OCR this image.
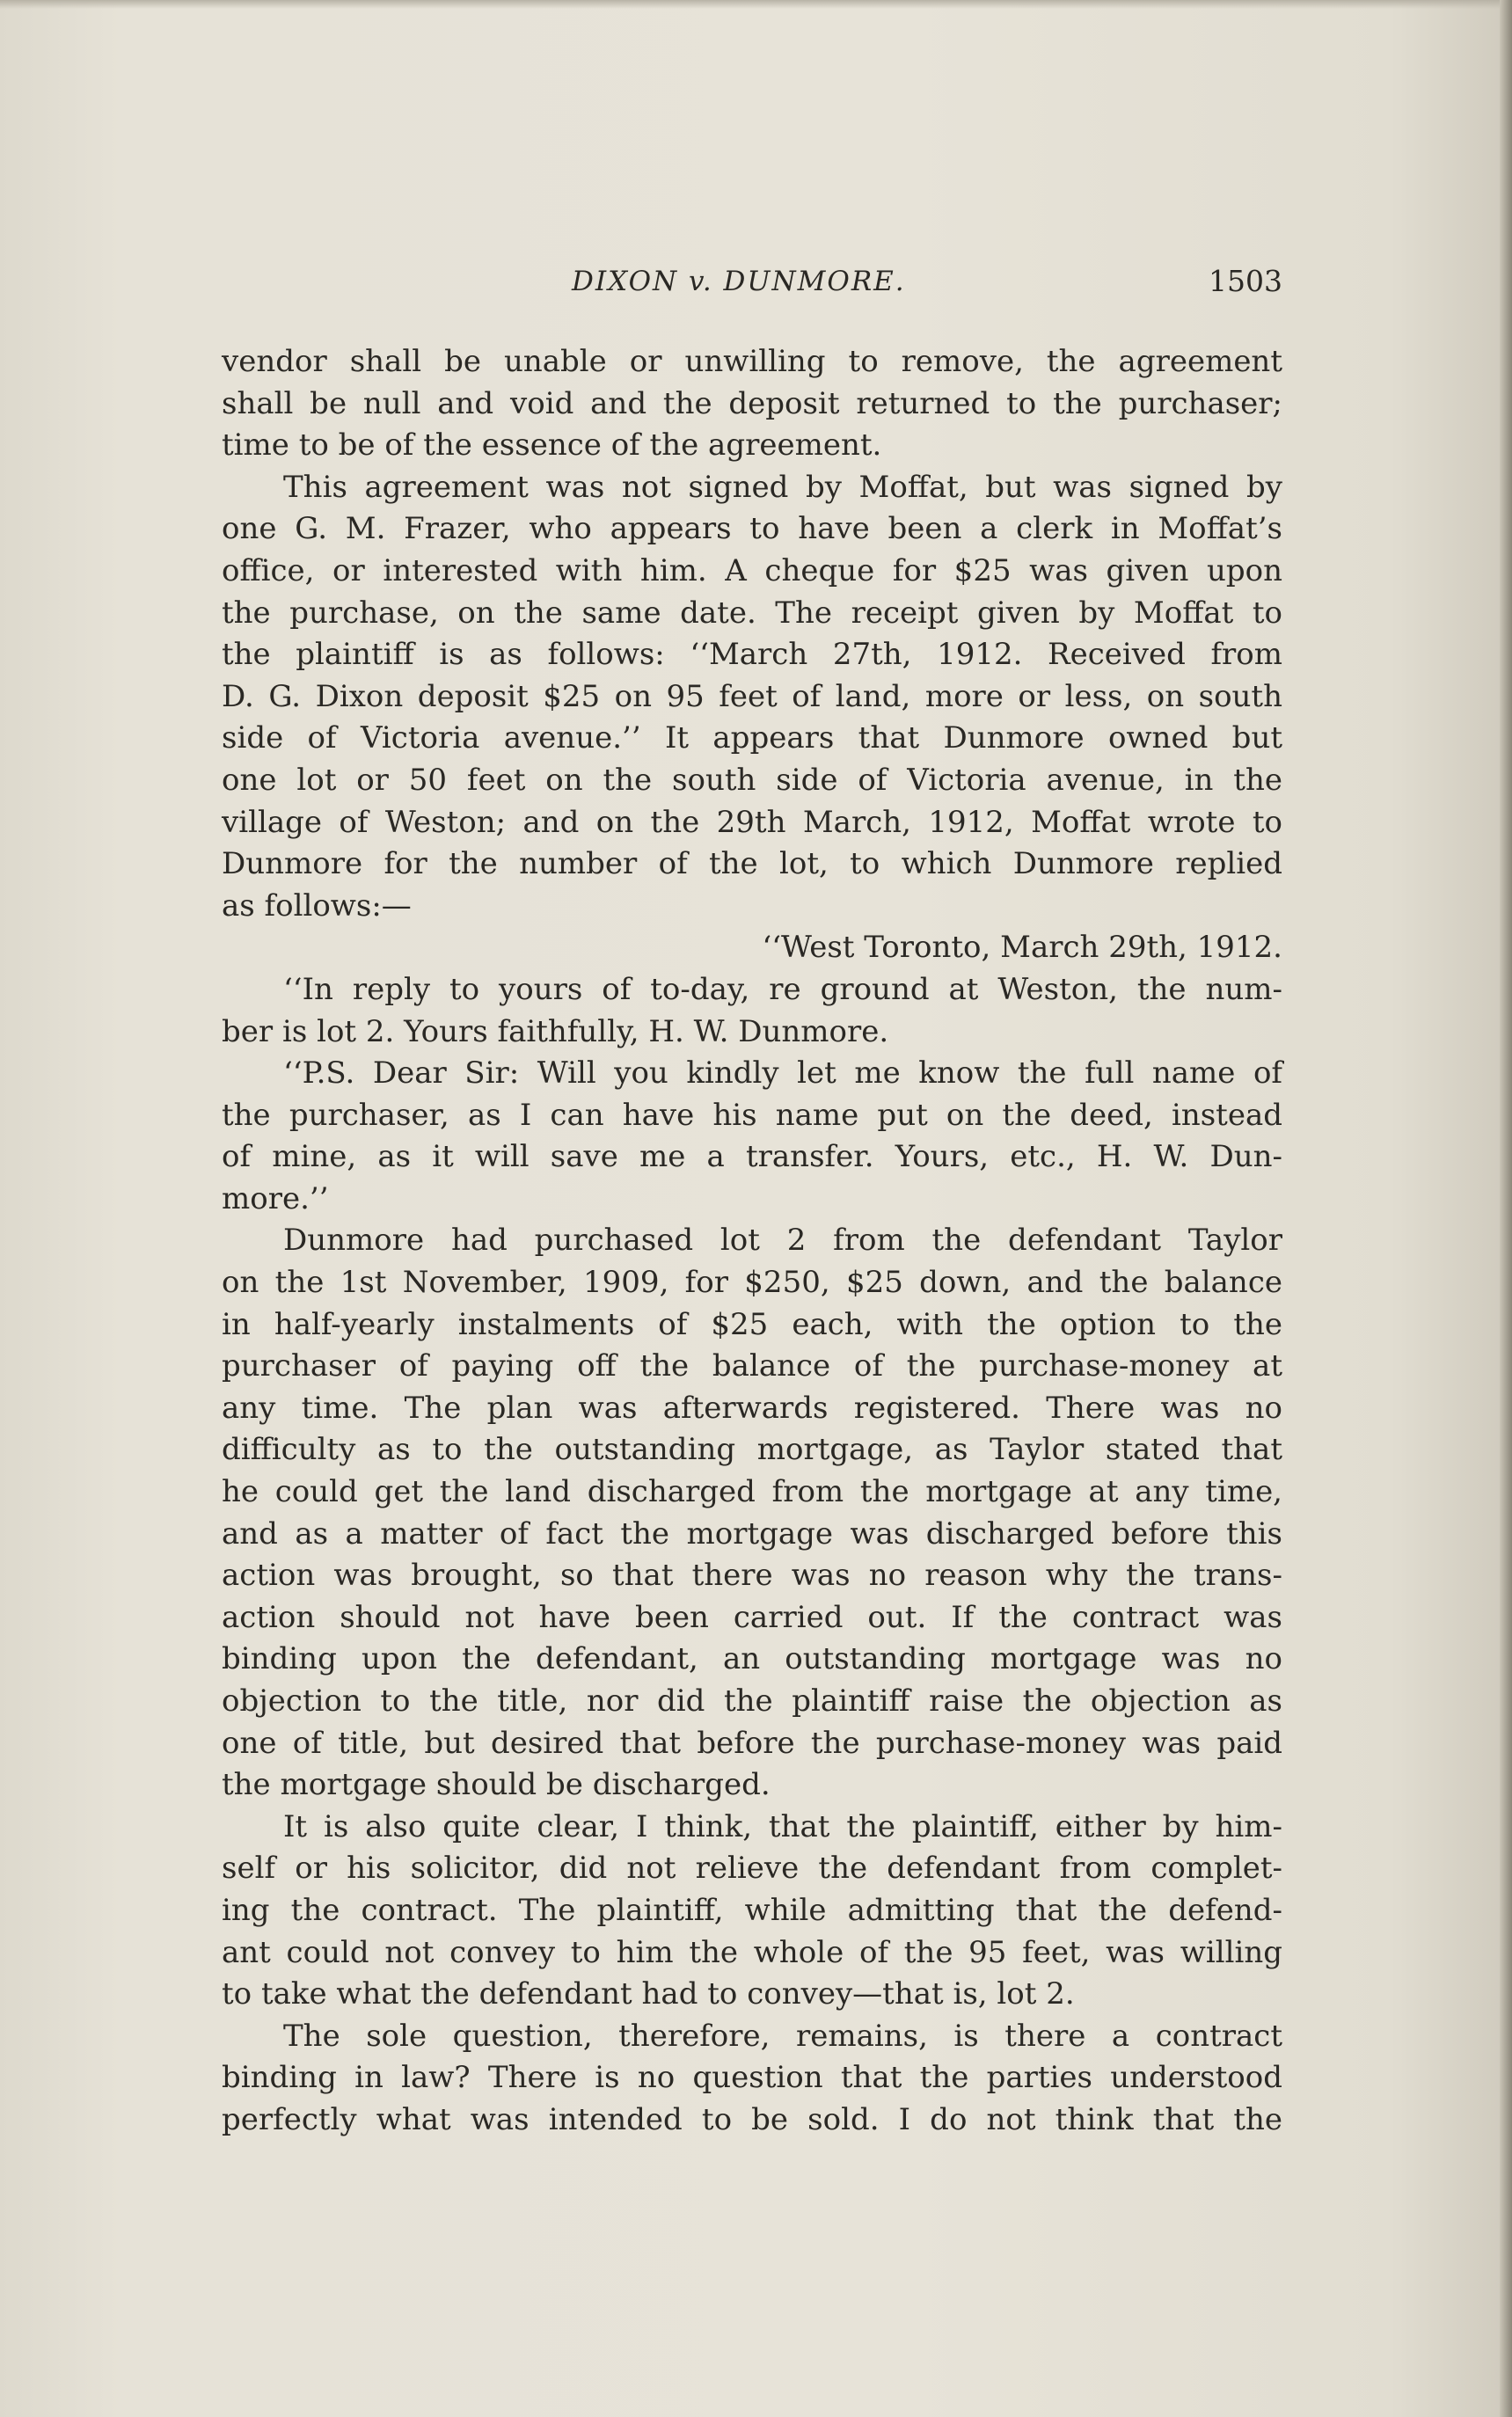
DIXON v. DUNMORE.	1503
vendor shall be unable or unwilling to remove, the agreement
shall be null and void and the deposit returned to the purchaser;
time to be of the essence of the agreement.
This agreement was not signed by Moffat, but was signed by
one G. M. Frazer, who appears to have been a clerk in Moffat’s
office, or interested with him. A cheque for $25 was given upon
the purchase, on the same date. The receipt given by Moffat to
the plaintiff is as follows: ‘‘March 27th, 1912. Received from
D. G. Dixon deposit $25 on 95 feet of land, more or less, on south
side of Victoria avenue.’’ It appears that Dunmore owned but
one lot or 50 feet on the south side of Victoria avenue, in the
village of Weston; and on the 29th March, 1912, Moffat wrote to
Dunmore for the number of the lot, to which Dunmore replied
as follows:—
‘‘West Toronto, March 29th, 1912.
‘‘In reply to yours of to-day, re ground at Weston, the num-
ber is lot 2. Yours faithfully, H. W. Dunmore.
‘‘P.S. Dear Sir: Will you kindly let me know the full name of
the purchaser, as I can have his name put on the deed, instead
of mine, as it will save me a transfer. Yours, etc., H. W. Dun-
more.’’
Dunmore had purchased lot 2 from the defendant Taylor
on the 1st November, 1909, for $250, $25 down, and the balance
in half-yearly instalments of $25 each, with the option to the
purchaser of paying off the balance of the purchase-money at
any time. The plan was afterwards registered. There was no
difficulty as to the outstanding mortgage, as Taylor stated that
he could get the land discharged from the mortgage at any time,
and as a matter of fact the mortgage was discharged before this
action was brought, so that there was no reason why the trans-
action should not have been carried out. If the contract was
binding upon the defendant, an outstanding mortgage was no
objection to the title, nor did the plaintiff raise the objection as
one of title, but desired that before the purchase-money was paid
the mortgage should be discharged.
It is also quite clear, I think, that the plaintiff, either by him-
self or his solicitor, did not relieve the defendant from complet-
ing the contract. The plaintiff, while admitting that the defend-
ant could not convey to him the whole of the 95 feet, was willing
to take what the defendant had to convey—that is, lot 2.
The sole question, therefore, remains, is there a contract
binding in law? There is no question that the parties understood
perfectly what was intended to be sold. I do not think that the
